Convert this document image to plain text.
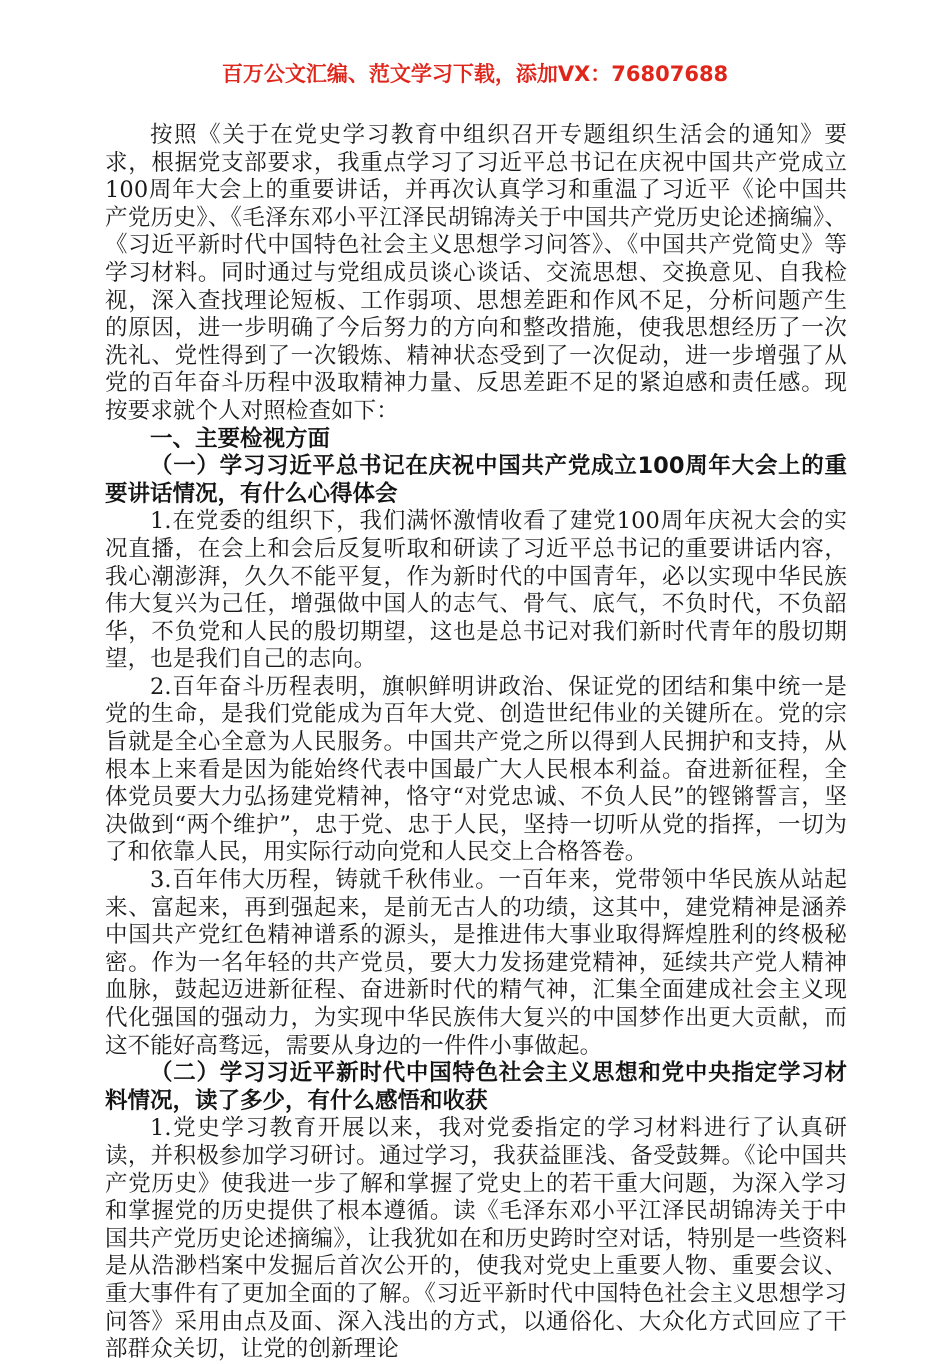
百万公文汇编、范文学习下载，添加VX：76807688

按照《关于在党史学习教育中组织召开专题组织生活会的通知》要求，根据党支部要求，我重点学习了习近平总书记在庆祝中国共产党成立100周年大会上的重要讲话，并再次认真学习和重温了习近平《论中国共产党历史》、《毛泽东邓小平江泽民胡锦涛关于中国共产党历史论述摘编》、《习近平新时代中国特色社会主义思想学习问答》、《中国共产党简史》等学习材料。同时通过与党组成员谈心谈话、交流思想、交换意见、自我检视，深入查找理论短板、工作弱项、思想差距和作风不足，分析问题产生的原因，进一步明确了今后努力的方向和整改措施，使我思想经历了一次洗礼、党性得到了一次锻炼、精神状态受到了一次促动，进一步增强了从党的百年奋斗历程中汲取精神力量、反思差距不足的紧迫感和责任感。现按要求就个人对照检查如下：

一、主要检视方面

（一）学习习近平总书记在庆祝中国共产党成立100周年大会上的重要讲话情况，有什么心得体会

1.在党委的组织下，我们满怀激情收看了建党100周年庆祝大会的实况直播，在会上和会后反复听取和研读了习近平总书记的重要讲话内容，我心潮澎湃，久久不能平复，作为新时代的中国青年，必以实现中华民族伟大复兴为己任，增强做中国人的志气、骨气、底气，不负时代，不负韶华，不负党和人民的殷切期望，这也是总书记对我们新时代青年的殷切期望，也是我们自己的志向。

2.百年奋斗历程表明，旗帜鲜明讲政治、保证党的团结和集中统一是党的生命，是我们党能成为百年大党、创造世纪伟业的关键所在。党的宗旨就是全心全意为人民服务。中国共产党之所以得到人民拥护和支持，从根本上来看是因为能始终代表中国最广大人民根本利益。奋进新征程，全体党员要大力弘扬建党精神，恪守“对党忠诚、不负人民”的铿锵誓言，坚决做到“两个维护”，忠于党、忠于人民，坚持一切听从党的指挥，一切为了和依靠人民，用实际行动向党和人民交上合格答卷。

3.百年伟大历程，铸就千秋伟业。一百年来，党带领中华民族从站起来、富起来，再到强起来，是前无古人的功绩，这其中，建党精神是涵养中国共产党红色精神谱系的源头，是推进伟大事业取得辉煌胜利的终极秘密。作为一名年轻的共产党员，要大力发扬建党精神，延续共产党人精神血脉，鼓起迈进新征程、奋进新时代的精气神，汇集全面建成社会主义现代化强国的强动力，为实现中华民族伟大复兴的中国梦作出更大贡献，而这不能好高骛远，需要从身边的一件件小事做起。

（二）学习习近平新时代中国特色社会主义思想和党中央指定学习材料情况，读了多少，有什么感悟和收获

1.党史学习教育开展以来，我对党委指定的学习材料进行了认真研读，并积极参加学习研讨。通过学习，我获益匪浅、备受鼓舞。《论中国共产党历史》使我进一步了解和掌握了党史上的若干重大问题，为深入学习和掌握党的历史提供了根本遵循。读《毛泽东邓小平江泽民胡锦涛关于中国共产党历史论述摘编》，让我犹如在和历史跨时空对话，特别是一些资料是从浩渺档案中发掘后首次公开的，使我对党史上重要人物、重要会议、重大事件有了更加全面的了解。《习近平新时代中国特色社会主义思想学习问答》采用由点及面、深入浅出的方式，以通俗化、大众化方式回应了干部群众关切，让党的创新理论
